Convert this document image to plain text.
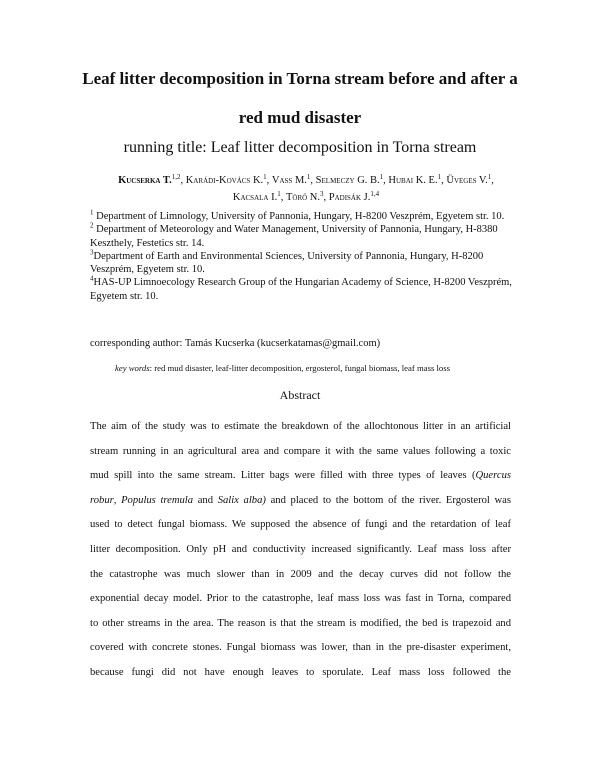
Leaf litter decomposition in Torna stream before and after a
red mud disaster

running title: Leaf litter decomposition in Torna stream

Kucserka T.$^{1,2}$, Karádi-Kovács K.$^1$, Vass M.$^1$, Selmeczy G. B.$^1$, Hubai K. E.$^1$, Üveges V.$^1$,
Kacsala I.$^1$, Törő N.$^3$, Padisák J.$^{1,4}$

$^1$ Department of Limnology, University of Pannonia, Hungary, H-8200 Veszprém, Egyetem str. 10.

$^2$ Department of Meteorology and Water Management, University of Pannonia, Hungary, H-8380 Keszthely, Festetics str. 14.

$^3$Department of Earth and Environmental Sciences, University of Pannonia, Hungary, H-8200 Veszprém, Egyetem str. 10.

$^4$HAS-UP Limnoecology Research Group of the Hungarian Academy of Science, H-8200 Veszprém, Egyetem str. 10.

corresponding author: Tamás Kucserka (kucserkatamas@gmail.com)
key words: red mud disaster, leaf-litter decomposition, ergosterol, fungal biomass, leaf mass loss
Abstract
The aim of the study was to estimate the breakdown of the allochtonous litter in an artificial
stream running in an agricultural area and compare it with the same values following a toxic
mud spill into the same stream. Litter bags were filled with three types of leaves (Quercus
robur, Populus tremula and Salix alba) and placed to the bottom of the river. Ergosterol was
used to detect fungal biomass. We supposed the absence of fungi and the retardation of leaf
litter decomposition. Only pH and conductivity increased significantly. Leaf mass loss after
the catastrophe was much slower than in 2009 and the decay curves did not follow the
exponential decay model. Prior to the catastrophe, leaf mass loss was fast in Torna, compared
to other streams in the area. The reason is that the stream is modified, the bed is trapezoid and
covered with concrete stones. Fungal biomass was lower, than in the pre-disaster experiment,
because fungi did not have enough leaves to sporulate. Leaf mass loss followed the
